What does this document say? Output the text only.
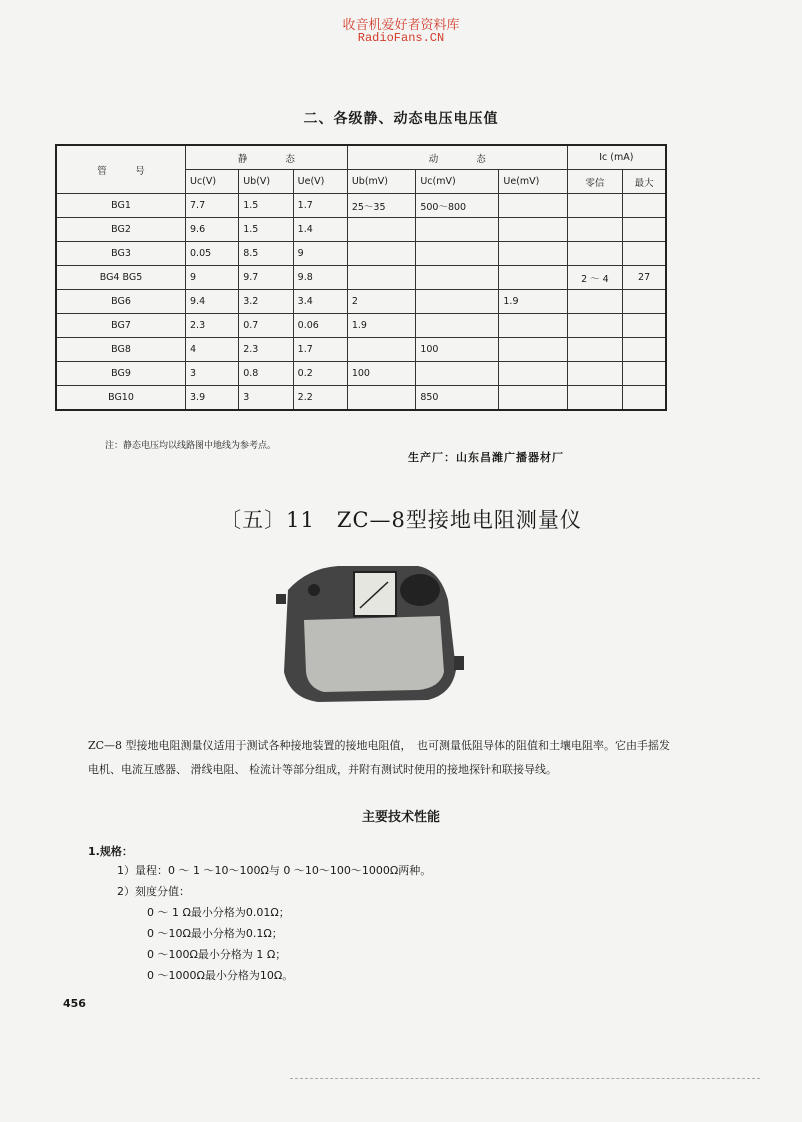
收音机爱好者资料库
RadioFans.CN
二、各级静、动态电压电压值
管　　　号	静　　　　态			动　　　　态			Ic (mA)	
	Uc(V)	Ub(V)	Ue(V)	Ub(mV)	Uc(mV)	Ue(mV)	零信	最大
BG1	7.7	1.5	1.7	25～35	500～800			
BG2	9.6	1.5	1.4					
BG3	0.05	8.5	9					
BG4 BG5	9	9.7	9.8				2 ～ 4	27
BG6	9.4	3.2	3.4	2		1.9		
BG7	2.3	0.7	0.06	1.9				
BG8	4	2.3	1.7		100			
BG9	3	0.8	0.2	100				
BG10	3.9	3	2.2		850			
注：静态电压均以线路图中地线为参考点。
生产厂：山东昌潍广播器材厂
〔五〕11　ZC—8型接地电阻测量仪
ZC—8 型接地电阻测量仪适用于测试各种接地装置的接地电阻值，　也可测量低阻导体的阻值和土壤电阻率。它由手摇发电机、电流互感器、 滑线电阻、 检流计等部分组成，并附有测试时使用的接地探针和联接导线。
主要技术性能
1.规格：
1）量程：0 ～ 1 ～10～100Ω与 0 ～10～100～1000Ω两种。
2）刻度分值：
0 ～ 1 Ω最小分格为0.01Ω；
0 ～10Ω最小分格为0.1Ω；
0 ～100Ω最小分格为 1 Ω；
0 ～1000Ω最小分格为10Ω。
456
